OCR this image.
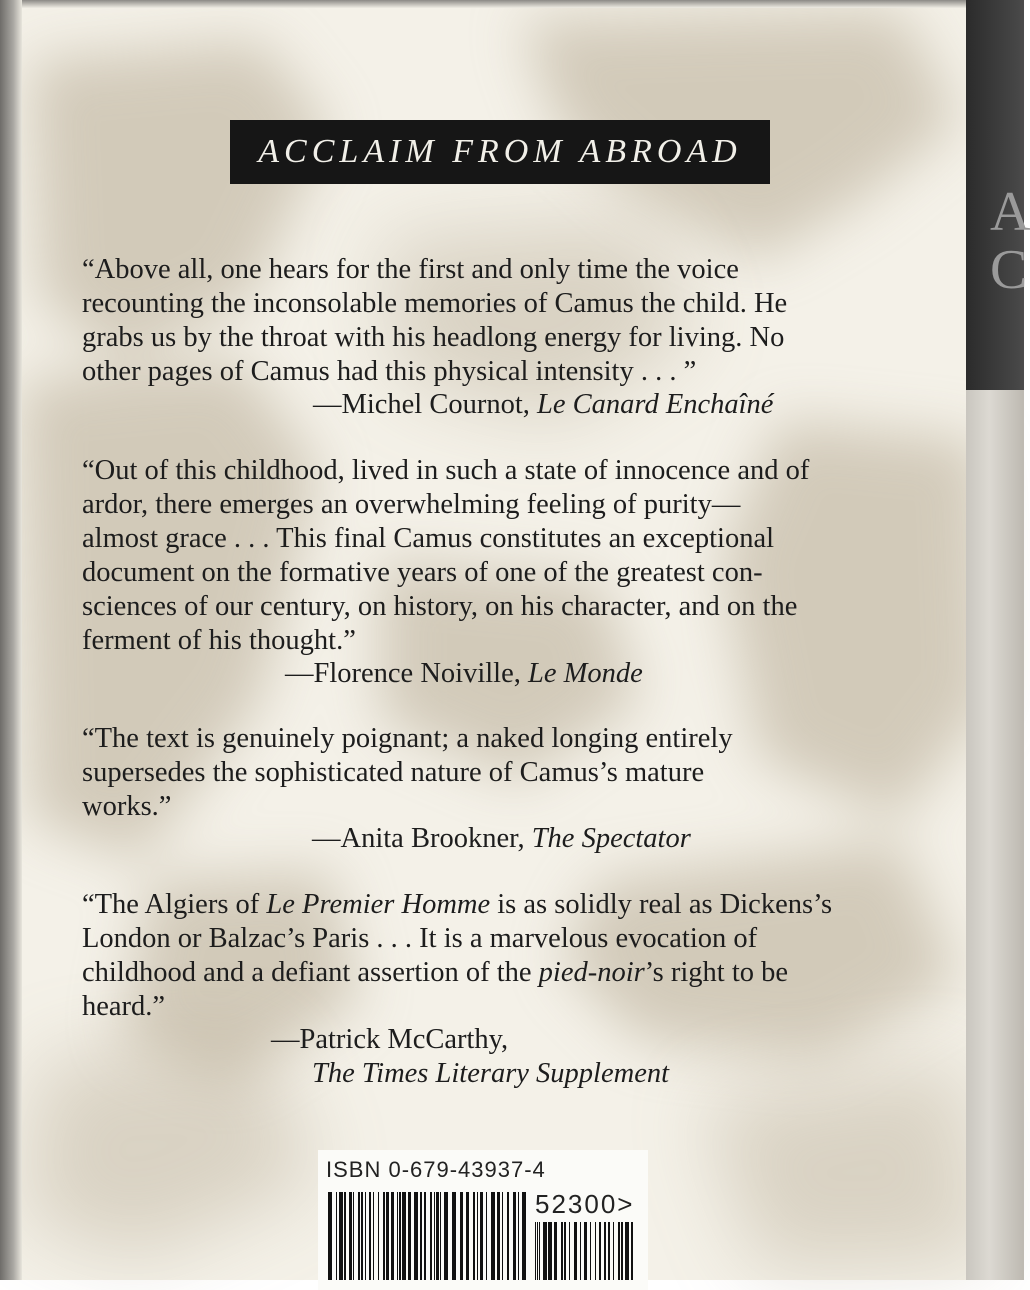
A
C
ACCLAIM FROM ABROAD

“Above all, one hears for the first and only time the voice

recounting the inconsolable memories of Camus the child. He

grabs us by the throat with his headlong energy for living. No

other pages of Camus had this physical intensity . . . ”

—Michel Cournot, Le Canard Enchaîné

“Out of this childhood, lived in such a state of innocence and of

ardor, there emerges an overwhelming feeling of purity—

almost grace . . . This final Camus constitutes an exceptional

document on the formative years of one of the greatest con-

sciences of our century, on history, on his character, and on the

ferment of his thought.”

—Florence Noiville, Le Monde

“The text is genuinely poignant; a naked longing entirely

supersedes the sophisticated nature of Camus’s mature

works.”

—Anita Brookner, The Spectator

“The Algiers of Le Premier Homme is as solidly real as Dickens’s

London or Balzac’s Paris . . . It is a marvelous evocation of

childhood and a defiant assertion of the pied-noir’s right to be

heard.”

—Patrick McCarthy,
The Times Literary Supplement
ISBN 0-679-43937-4
52300>
